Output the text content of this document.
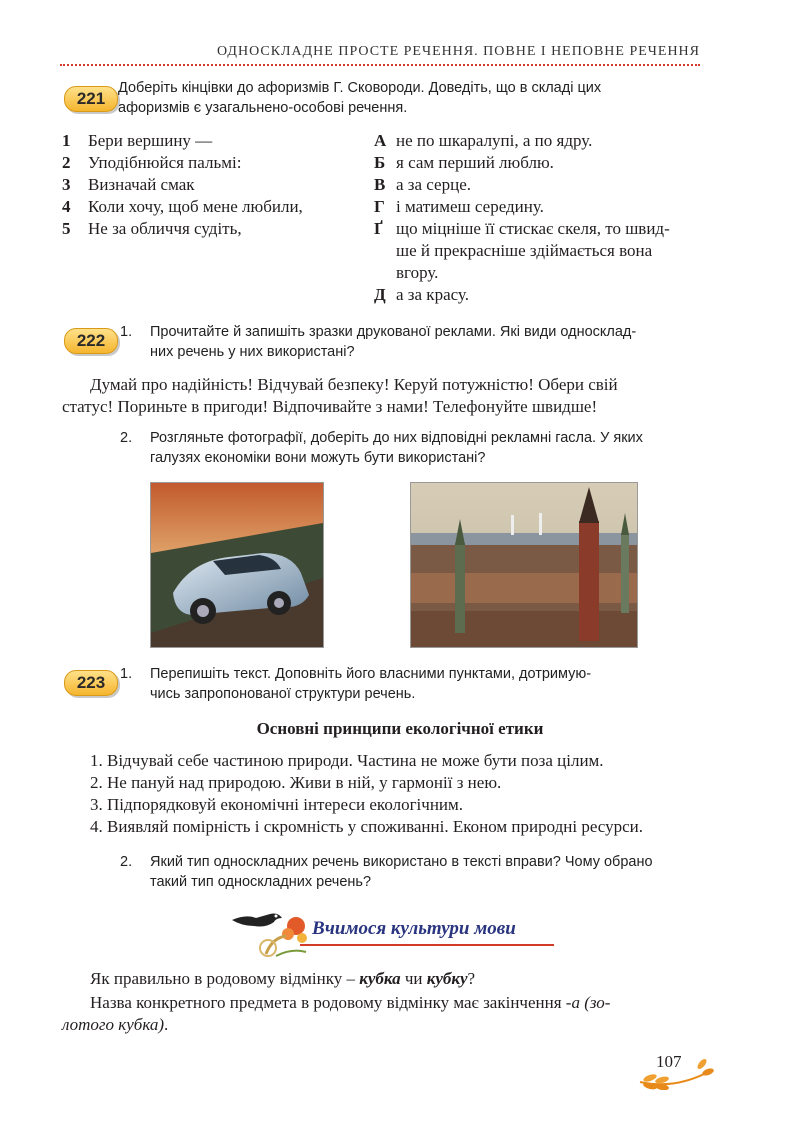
ОДНОСКЛАДНЕ ПРОСТЕ РЕЧЕННЯ. ПОВНЕ І НЕПОВНЕ РЕЧЕННЯ
221
Доберіть кінцівки до афоризмів Г. Сковороди. Доведіть, що в складі цих
афоризмів є узагальнено-особові речення.
1 Бери вершину —
2 Уподібнюйся пальмі:
3 Визначай смак
4 Коли хочу, щоб мене любили,
5 Не за обличчя судіть,
А не по шкаралупі, а по ядру.
Б я сам перший люблю.
В а за серце.
Г і матимеш середину.
Ґ що міцніше її стискає скеля, то швид-
ше й прекрасніше здіймається вона
вгору.
Д а за красу.
222	1.	Прочитайте й запишіть зразки друкованої реклами. Які види односклад-
них речень у них використані?
Думай про надійність! Відчувай безпеку! Керуй потужністю! Обери свій
статус! Пориньте в пригоди! Відпочивайте з нами! Телефонуйте швидше!
2.	Розгляньте фотографії, доберіть до них відповідні рекламні гасла. У яких
галузях економіки вони можуть бути використані?
223	1.	Перепишіть текст. Доповніть його власними пунктами, дотримую-
чись запропонованої структури речень.
Основні принципи екологічної етики
1. Відчувай себе частиною природи. Частина не може бути поза цілим.
2. Не пануй над природою. Живи в ній, у гармонії з нею.
3. Підпорядковуй економічні інтереси екологічним.
4. Виявляй помірність і скромність у споживанні. Економ природні ресурси.
2.	Який тип односкладних речень використано в тексті вправи? Чому обрано
такий тип односкладних речень?
Вчимося культури мови
Як правильно в родовому відмінку – кубка чи кубку?
Назва конкретного предмета в родовому відмінку має закінчення -а (зо-
лотого кубка).
107
